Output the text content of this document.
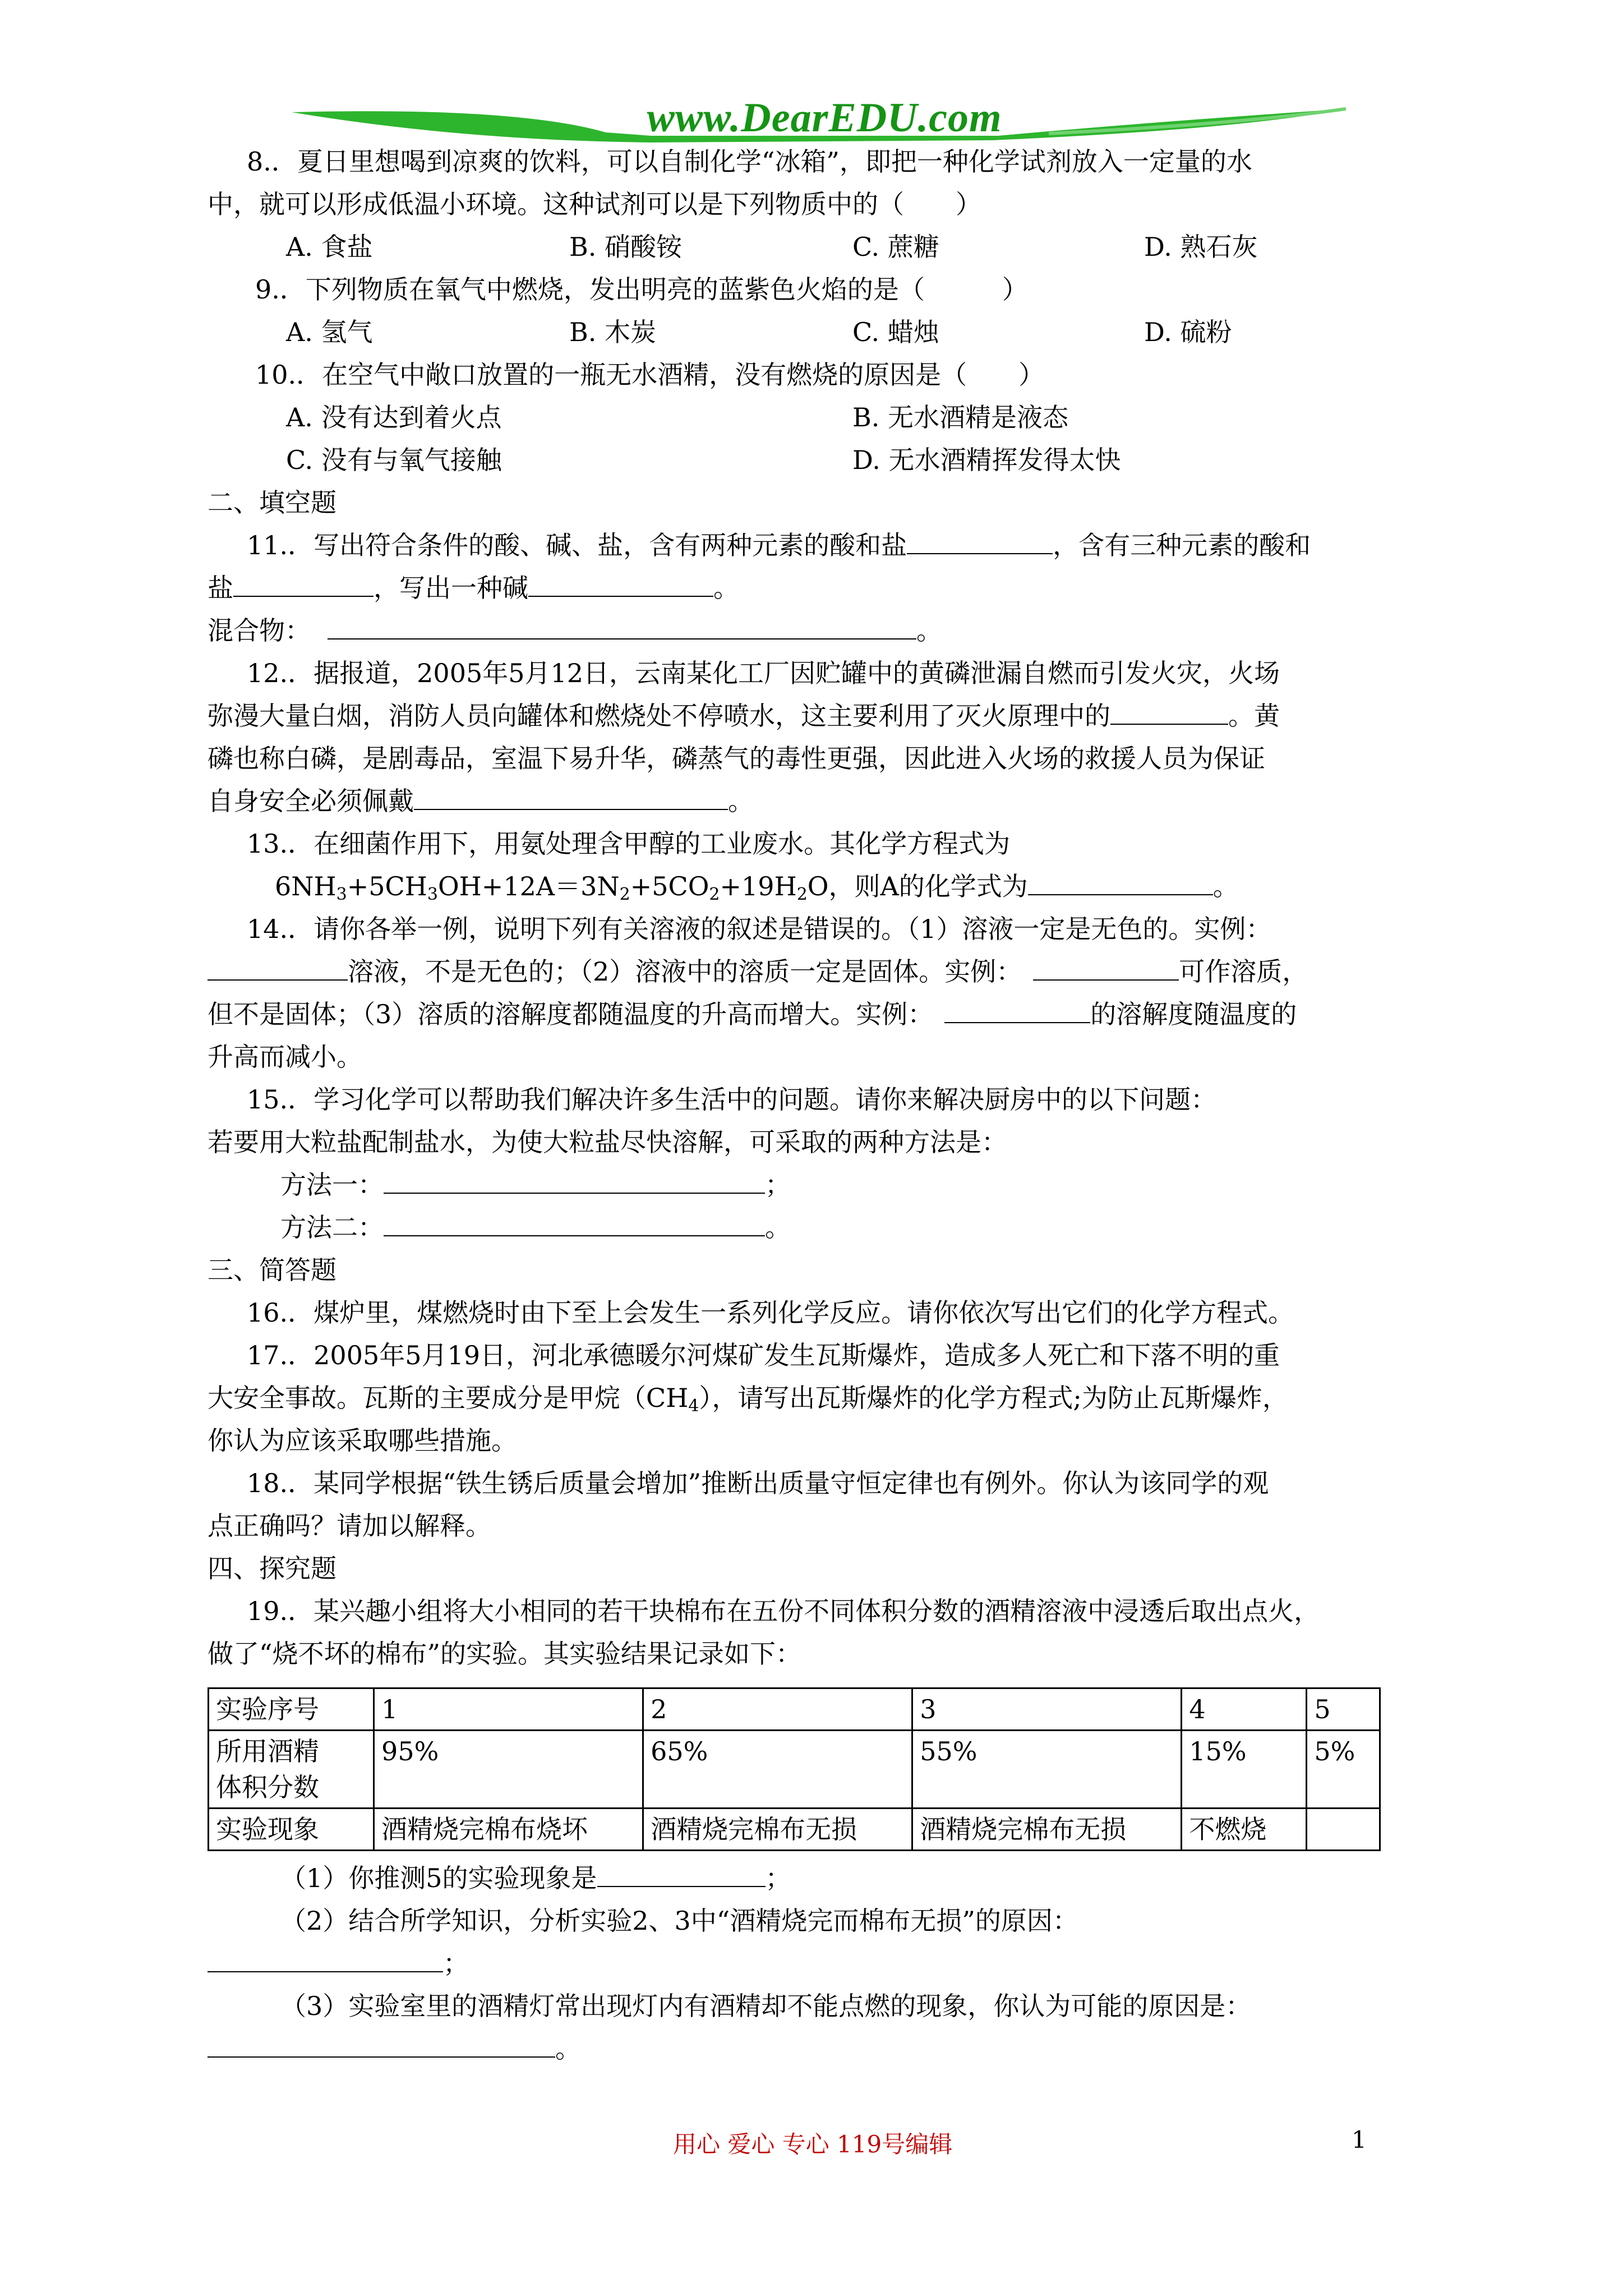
www.DearEDU.com
8.．夏日里想喝到凉爽的饮料，可以自制化学“冰箱”，即把一种化学试剂放入一定量的水
中，就可以形成低温小环境。这种试剂可以是下列物质中的（　　）
A. 食盐	B. 硝酸铵	C. 蔗糖	D. 熟石灰
9.．下列物质在氧气中燃烧，发出明亮的蓝紫色火焰的是（　　　）
A. 氢气	B. 木炭	C. 蜡烛	D. 硫粉
10.．在空气中敞口放置的一瓶无水酒精，没有燃烧的原因是（　　）
A. 没有达到着火点	B. 无水酒精是液态
C. 没有与氧气接触	D. 无水酒精挥发得太快
二、填空题
11.．写出符合条件的酸、碱、盐，含有两种元素的酸和盐	，含有三种元素的酸和
盐	，写出一种碱	。
混合物：	。
12.．据报道，2005年5月12日，云南某化工厂因贮罐中的黄磷泄漏自燃而引发火灾，火场
弥漫大量白烟，消防人员向罐体和燃烧处不停喷水，这主要利用了灭火原理中的	。黄
磷也称白磷，是剧毒品，室温下易升华，磷蒸气的毒性更强，因此进入火场的救援人员为保证
自身安全必须佩戴	。
13.．在细菌作用下，用氨处理含甲醇的工业废水。其化学方程式为
$6NH_3+5CH_3OH+12A=3N_2+5CO_2+19H_2O$，则A的化学式为	。
14.．请你各举一例，说明下列有关溶液的叙述是错误的。（1）溶液一定是无色的。实例：
溶液，不是无色的；（2）溶液中的溶质一定是固体。实例：	可作溶质，
但不是固体；（3）溶质的溶解度都随温度的升高而增大。实例：	的溶解度随温度的
升高而减小。
15.．学习化学可以帮助我们解决许多生活中的问题。请你来解决厨房中的以下问题：
若要用大粒盐配制盐水，为使大粒盐尽快溶解，可采取的两种方法是：
方法一：	；
方法二：	。
三、简答题
16.．煤炉里，煤燃烧时由下至上会发生一系列化学反应。请你依次写出它们的化学方程式。
17.．2005年5月19日，河北承德暖尔河煤矿发生瓦斯爆炸，造成多人死亡和下落不明的重
大安全事故。瓦斯的主要成分是甲烷$(CH_4)$，请写出瓦斯爆炸的化学方程式;为防止瓦斯爆炸，
你认为应该采取哪些措施。
18.．某同学根据“铁生锈后质量会增加”推断出质量守恒定律也有例外。你认为该同学的观
点正确吗？请加以解释。
四、探究题
19.．某兴趣小组将大小相同的若干块棉布在五份不同体积分数的酒精溶液中浸透后取出点火，
做了“烧不坏的棉布”的实验。其实验结果记录如下：
实验序号	1	2	3	4	5

所用酒精
体积分数	95%	65%	55%	15%	5%
实验现象	酒精烧完棉布烧坏	酒精烧完棉布无损	酒精烧完棉布无损	不燃烧	
（1）你推测5的实验现象是	；
（2）结合所学知识，分析实验2、3中“酒精烧完而棉布无损”的原因：
；
（3）实验室里的酒精灯常出现灯内有酒精却不能点燃的现象，你认为可能的原因是：
。
用心 爱心 专心 119号编辑	1
